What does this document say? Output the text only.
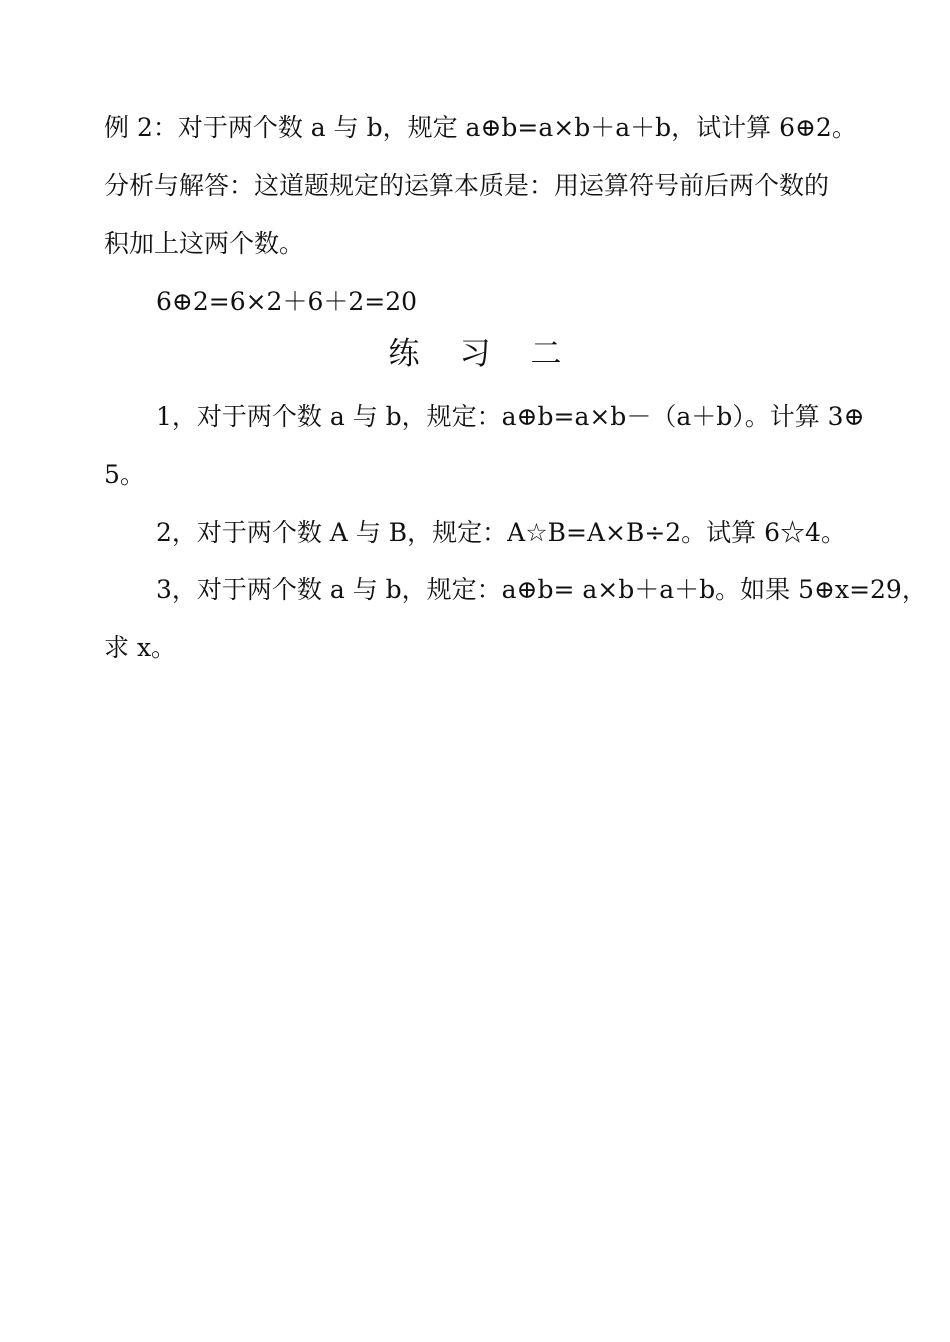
例 2：对于两个数 a 与 b，规定 a⊕b=a×b＋a＋b，试计算 6⊕2。
分析与解答：这道题规定的运算本质是：用运算符号前后两个数的
积加上这两个数。
6⊕2=6×2＋6＋2=20
练 习 二
1，对于两个数 a 与 b，规定：a⊕b=a×b－（a＋b）。计算 3⊕
5。
2，对于两个数 A 与 B，规定：A☆B=A×B÷2。试算 6☆4。
3，对于两个数 a 与 b，规定：a⊕b= a×b＋a＋b。如果 5⊕x=29，
求 x。
